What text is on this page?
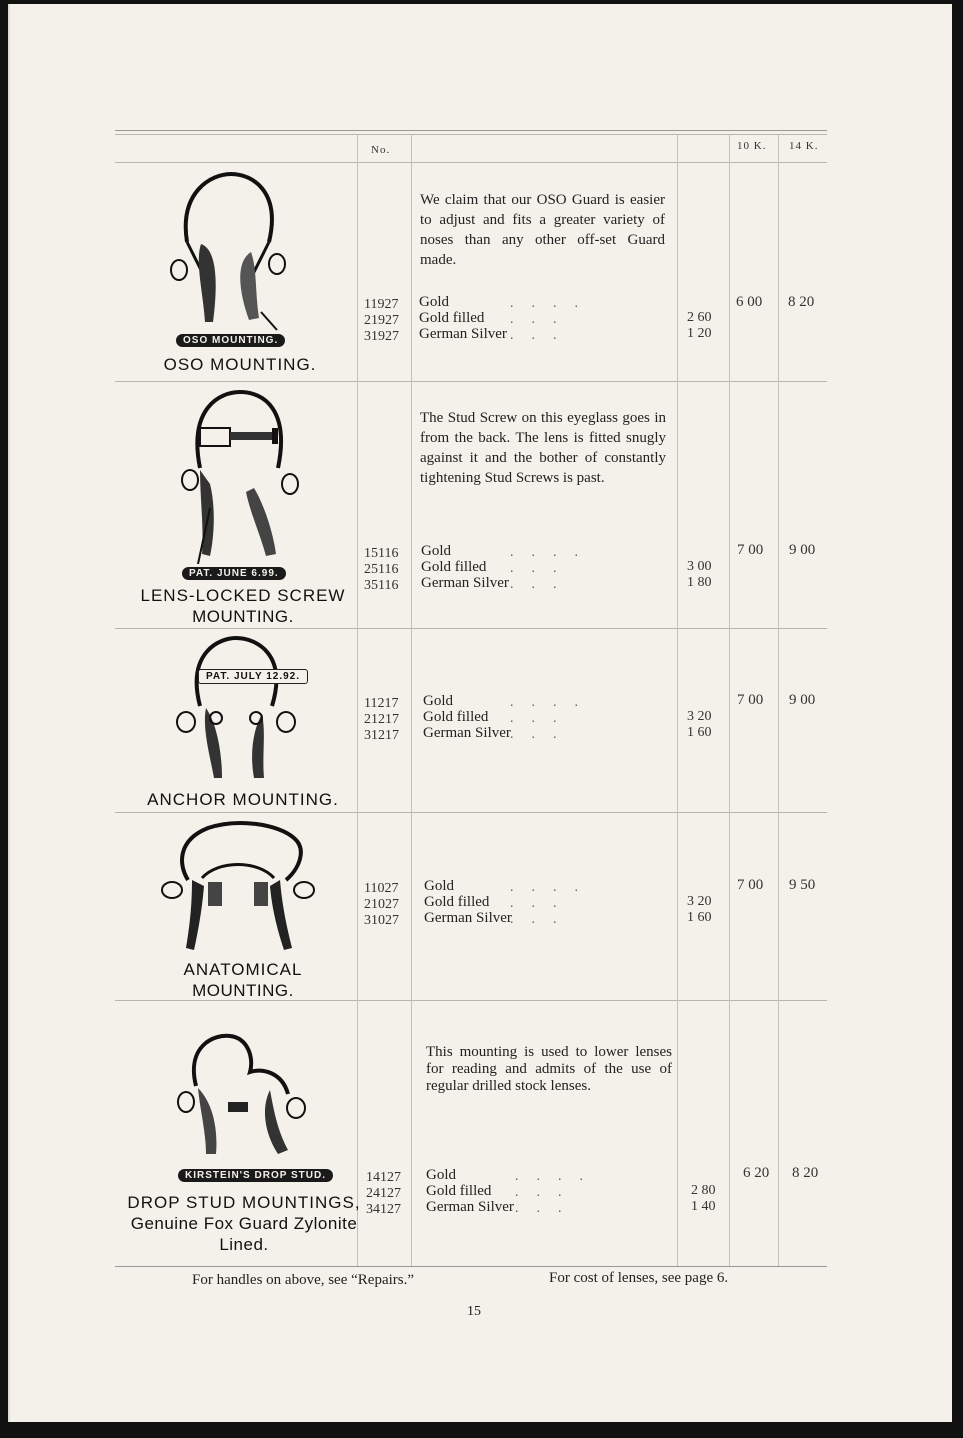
No.	10 K. 14 K.
OSO MOUNTING.
OSO MOUNTING.
We claim that our OSO Guard is easier to adjust and fits a greater variety of noses than any other off-set Guard made.
11927
21927
31927
Gold
Gold filled
German Silver
....
...
...
2 60
1 20
6 00 8 20
PAT. JUNE 6.99.
LENS-LOCKED SCREW
MOUNTING.
The Stud Screw on this eyeglass goes in from the back. The lens is fitted snugly against it and the bother of constantly tightening Stud Screws is past.
15116
25116
35116
Gold
Gold filled
German Silver
....
...
...
3 00
1 80
7 00 9 00
PAT. JULY 12.92.
ANCHOR MOUNTING.
11217
21217
31217
Gold
Gold filled
German Silver
....
...
...
3 20
1 60
7 00 9 00
ANATOMICAL
MOUNTING.
11027
21027
31027
Gold
Gold filled
German Silver
....
...
...
3 20
1 60
7 00 9 50
KIRSTEIN'S DROP STUD.
DROP STUD MOUNTINGS,
Genuine Fox Guard Zylonite
Lined.
This mounting is used to lower lenses for reading and admits of the use of regular drilled stock lenses.
14127
24127
34127
Gold
Gold filled
German Silver
....
...
...
2 80
1 40
6 20 8 20
For handles on above, see “Repairs.”	For cost of lenses, see page 6.
15
